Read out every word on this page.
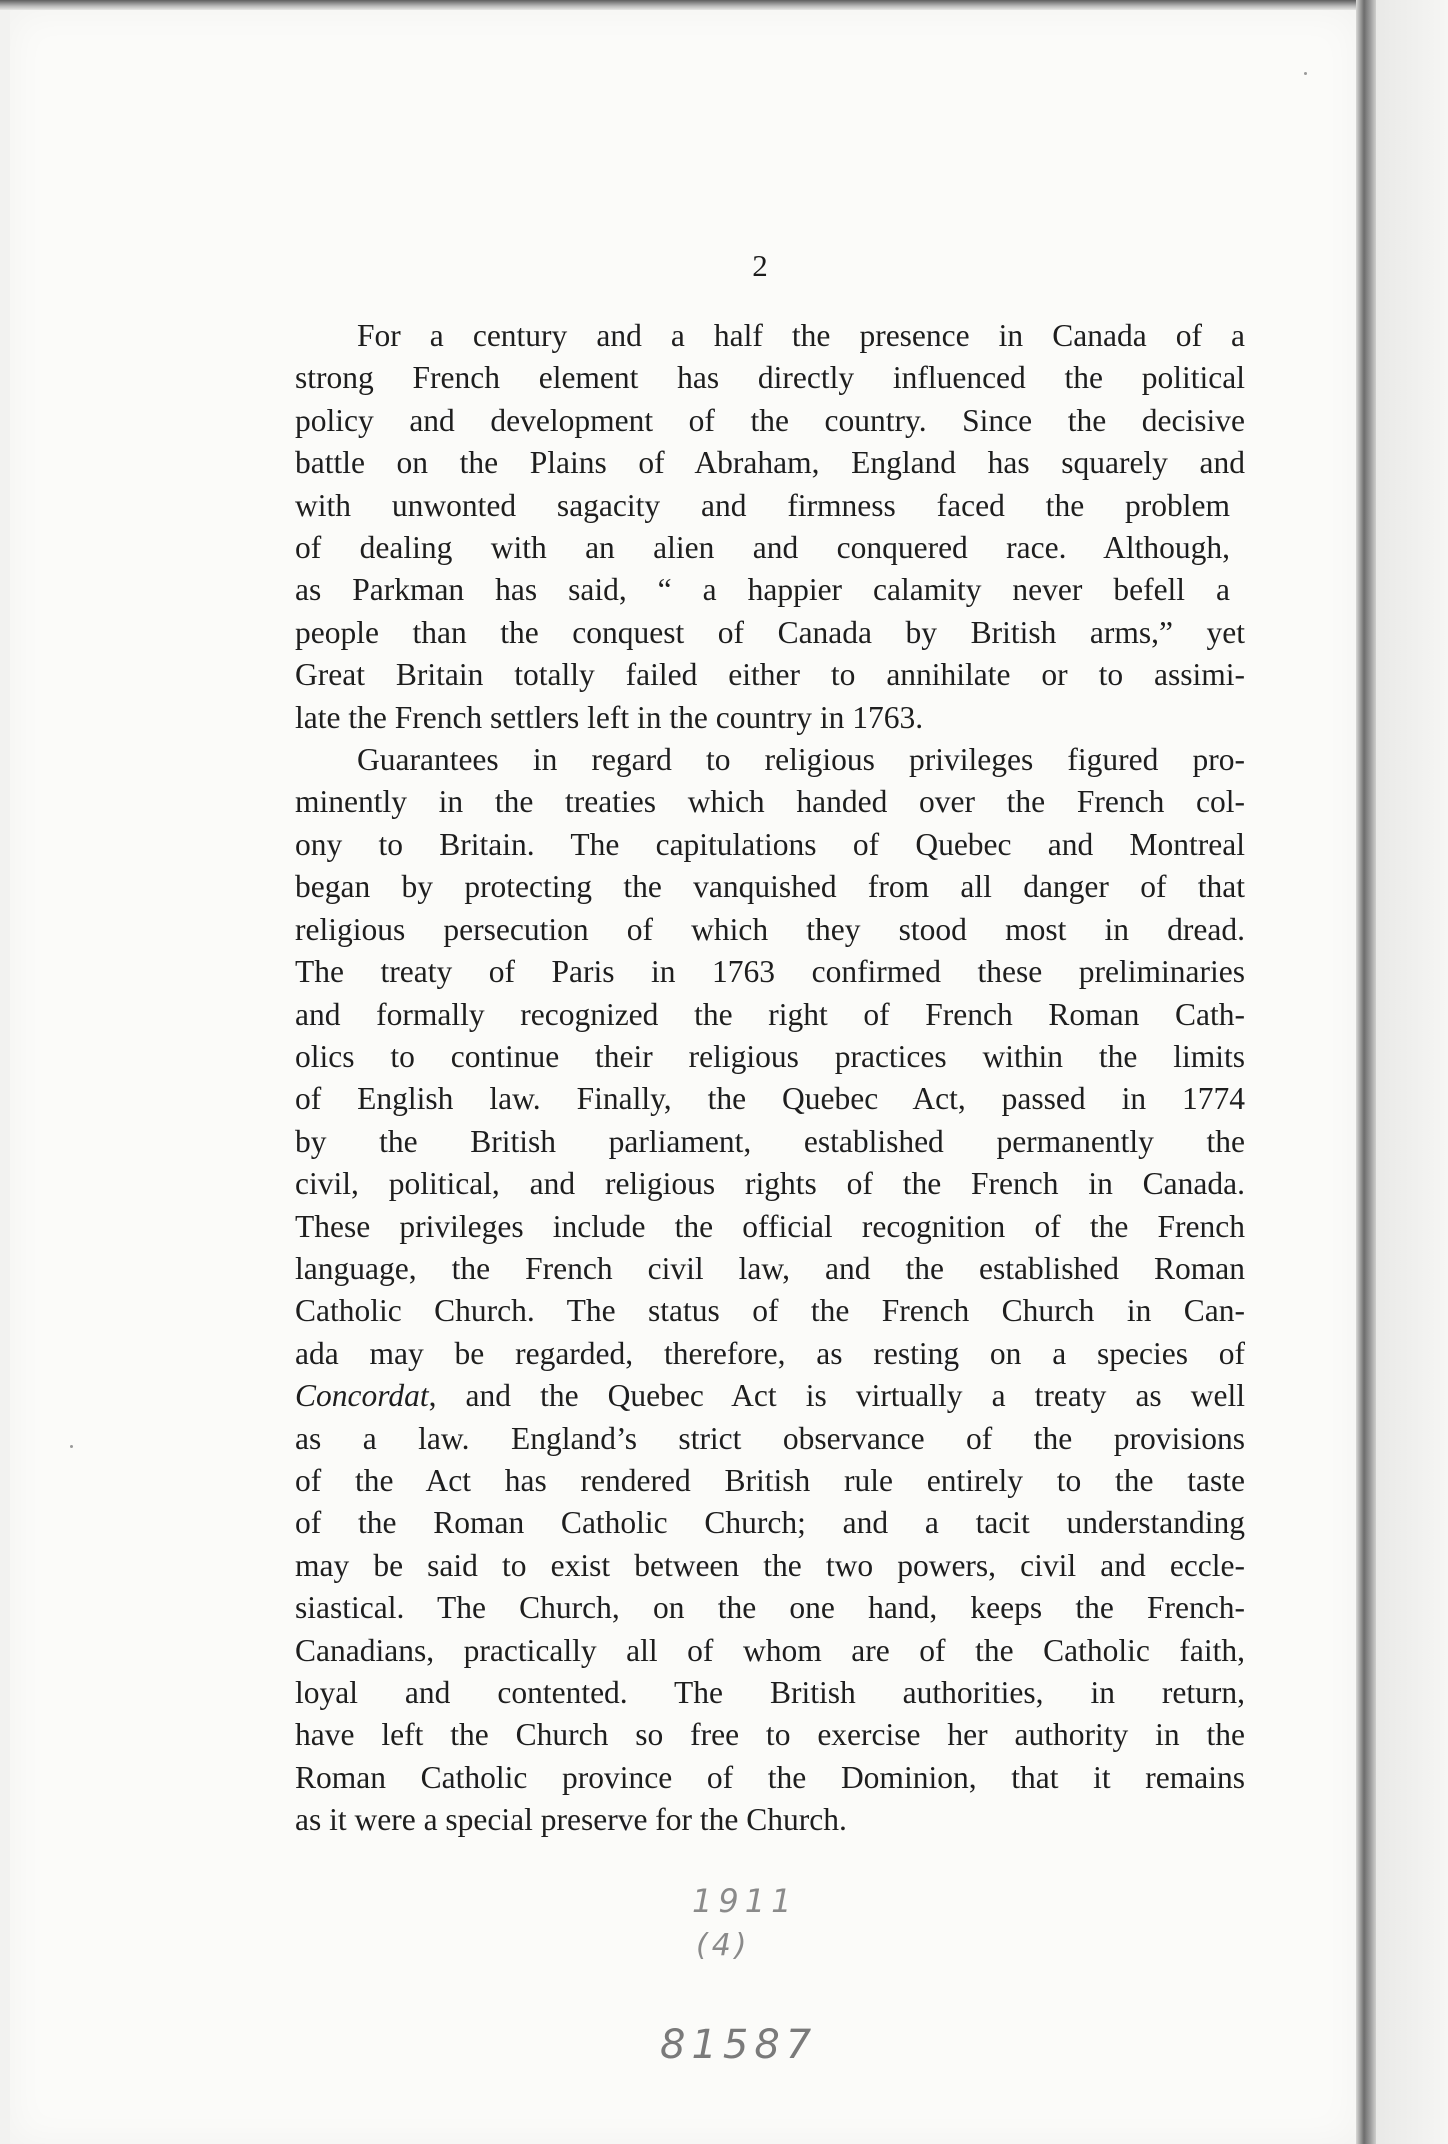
2
For a century and a half the presence in Canada of a
strong French element has directly influenced the political
policy and development of the country. Since the decisive
battle on the Plains of Abraham, England has squarely and
with unwonted sagacity and firmness faced the problem
of dealing with an alien and conquered race. Although,
as Parkman has said, “ a happier calamity never befell a
people than the conquest of Canada by British arms,” yet
Great Britain totally failed either to annihilate or to assimi-
late the French settlers left in the country in 1763.
Guarantees in regard to religious privileges figured pro-
minently in the treaties which handed over the French col-
ony to Britain. The capitulations of Quebec and Montreal
began by protecting the vanquished from all danger of that
religious persecution of which they stood most in dread.
The treaty of Paris in 1763 confirmed these preliminaries
and formally recognized the right of French Roman Cath-
olics to continue their religious practices within the limits
of English law. Finally, the Quebec Act, passed in 1774
by the British parliament, established permanently the
civil, political, and religious rights of the French in Canada.
These privileges include the official recognition of the French
language, the French civil law, and the established Roman
Catholic Church. The status of the French Church in Can-
ada may be regarded, therefore, as resting on a species of
Concordat, and the Quebec Act is virtually a treaty as well
as a law. England’s strict observance of the provisions
of the Act has rendered British rule entirely to the taste
of the Roman Catholic Church; and a tacit understanding
may be said to exist between the two powers, civil and eccle-
siastical. The Church, on the one hand, keeps the French-
Canadians, practically all of whom are of the Catholic faith,
loyal and contented. The British authorities, in return,
have left the Church so free to exercise her authority in the
Roman Catholic province of the Dominion, that it remains
as it were a special preserve for the Church.
1911
(4)
81587
